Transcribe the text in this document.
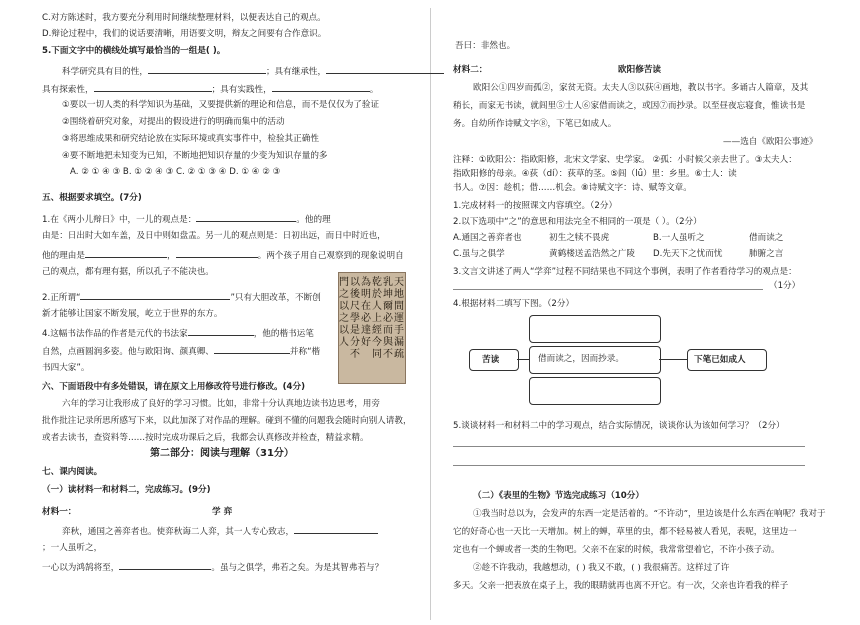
C.对方陈述时，我方要充分利用时间继续整理材料，以便表达自己的观点。
D.辩论过程中，我们的说话要清晰，用语要文明，辩友之间要有合作意识。
5.下面文字中的横线处填写最恰当的一组是( )。
科学研究具有目的性，	；具有继承性，
具有探索性，	；具有实践性，	。
①要以一切人类的科学知识为基础，又要提供新的理论和信息，而不是仅仅为了验证
②围绕着研究对象，对提出的假设进行的明确而集中的活动
③将思维成果和研究结论放在实际环境或真实事件中，检验其正确性
④要不断地把未知变为已知，不断地把知识存量的少变为知识存量的多
A. ② ① ④ ③ B. ① ② ④ ③ C. ② ① ③ ④ D. ① ④ ② ③
五、根据要求填空。(7分)
1.在《两小儿辩日》中，一儿的观点是：	。他的理
由是：日出时大如车盖，及日中则如盘盂。另一儿的观点则是：日初出远，而日中时近也，
他的理由是	，	。两个孩子用自己观察到的现象说明自
己的观点，都有理有据，所以孔子不能决也。
2.正所谓“	”只有大胆改革，不断创
新才能够让国家不断发展，屹立于世界的东方。
4.这幅书法作品的作者是元代的书法家	，他的楷书运笔
自然，点画圆润多姿。他与欧阳询、颜真卿、	并称“楷
书四大家”。
六、下面语段中有多处错误，请在原文上用修改符号进行修改。(4分)
六年的学习让我形成了良好的学习习惯。比如，非常十分认真地边读书边思考，用旁
批作批注记录所思所感写下来，以此加深了对作品的理解。碰到不懂的问题我会随时向别人请教，
或者去读书，查资料等……按时完成功课后之后，我都会认真修改并检查，精益求精。
第二部分：阅读与理解（31分）
七、课内阅读。
（一）读材料一和材料二，完成练习。(9分)
材料一：	学 弈
弈秋，通国之善弈者也。使弈秋诲二人弈，其一人专心致志，
；一人虽听之，
一心以为鸿鹄将至，	。虽与之俱学，弗若之矣。为是其智弗若与？
天地間運手漏疏
乳坤爾必而與不
乾於人上經今同
為明在必達好
以後尺學是分不
門之以之以人
吾曰：非然也。
材料二：	欧阳修苦读
欧阳公①四岁而孤②，家贫无资。太夫人③以荻④画地，教以书字。多诵古人篇章，及其
稍长，而家无书读，就闾里⑤士人⑥家借而读之，或因⑦而抄录。以至昼夜忘寝食，惟读书是
务。自幼所作诗赋文字⑧，下笔已如成人。
——选自《欧阳公事迹》
注释：①欧阳公：指欧阳修，北宋文学家、史学家。 ②孤：小时候父亲去世了。③太夫人：
指欧阳修的母亲。④荻（dí）：荻草的茎。⑤闾（lǘ）里：乡里。⑥士人：读
书人。⑦因：趁机；借……机会。⑧诗赋文字：诗、赋等文章。
1.完成材料一的按照课文内容填空。（2分）
2.以下选项中“之”的意思和用法完全不相同的一项是（ ）。（2分）
A.通国之善弈者也	初生之犊不畏虎	B.一人虽听之	借而读之
C.虽与之俱学	黄鹤楼送孟浩然之广陵 D.先天下之忧而忧	肺腑之言
3.文言文讲述了两人“学弈”过程不同结果也不同这个事例，表明了作者看待学习的观点是：
（1分）
4.根据材料二填写下图。（2分）
苦读	借而读之，因而抄录。	下笔已如成人
5.谈谈材料一和材料二中的学习观点，结合实际情况，谈谈你认为该如何学习？（2分）
（二）《表里的生物》节选完成练习（10分）
①我当时总以为，会发声的东西一定是活着的。“不许动”，里边该是什么东西在响呢？我对于
它的好奇心也一天比一天增加。树上的蝉，草里的虫，都不轻易被人看见，表呢，这里边一
定也有一个蝉或者一类的生物吧。父亲不在家的时候，我常常望着它，不许小孩子动。
②趁不许我动，我越想动，( ) 我又不敢，( ) 我很痛苦。这样过了许
多天。父亲一把表放在桌子上，我的眼睛就再也离不开它。有一次，父亲也许看我的样子
